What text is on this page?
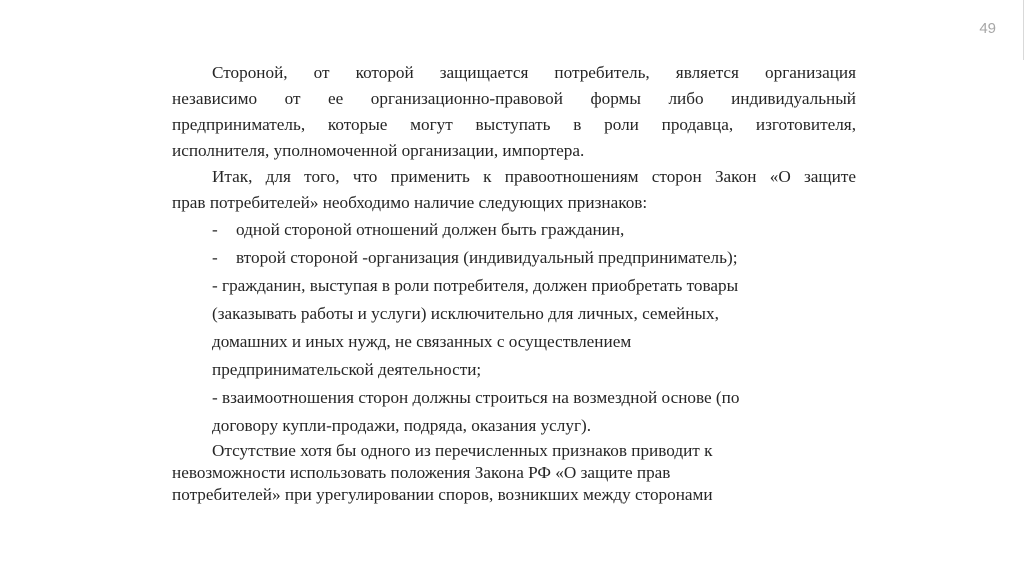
49
Стороной, от которой защищается потребитель, является организация
независимо от ее организационно-правовой формы либо индивидуальный
предприниматель, которые могут выступать в роли продавца, изготовителя,
исполнителя, уполномоченной организации, импортера.
Итак, для того, что применить к правоотношениям сторон Закон «О защите
прав потребителей» необходимо наличие следующих признаков:
- одной стороной отношений должен быть гражданин,
- второй стороной -организация (индивидуальный предприниматель);
- гражданин, выступая в роли потребителя, должен приобретать товары
(заказывать работы и услуги) исключительно для личных, семейных,
домашних и иных нужд, не связанных с осуществлением
предпринимательской деятельности;
- взаимоотношения сторон должны строиться на возмездной основе (по
договору купли-продажи, подряда, оказания услуг).
Отсутствие хотя бы одного из перечисленных признаков приводит к
невозможности использовать положения Закона РФ «О защите прав
потребителей» при урегулировании споров, возникших между сторонами
